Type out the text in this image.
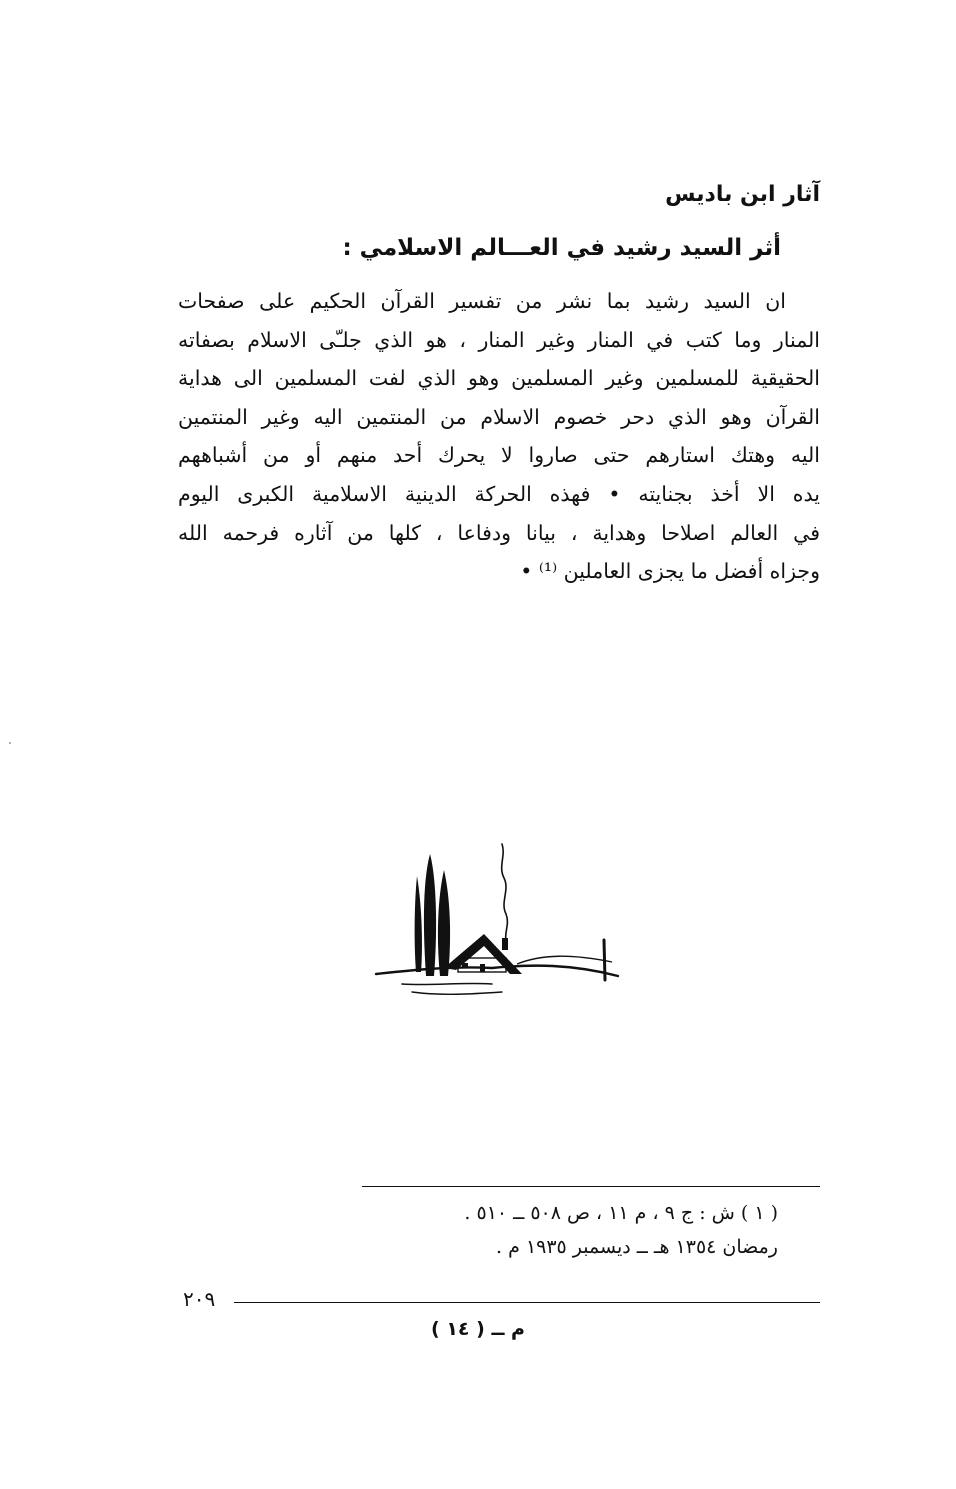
آثار ابن باديس
أثر السيد رشيد في العـــالم الاسلامي :
ان السيد رشيد بما نشر من تفسير القرآن الحكيم على صفحات
المنار وما كتب في المنار وغير المنار ، هو الذي جلـّى الاسلام بصفاته
الحقيقية للمسلمين وغير المسلمين وهو الذي لفت المسلمين الى هداية
القرآن وهو الذي دحر خصوم الاسلام من المنتمين اليه وغير المنتمين
اليه وهتك استارهم حتى صاروا لا يحرك أحد منهم أو من أشباههم
يده الا أخذ بجنايته • فهذه الحركة الدينية الاسلامية الكبرى اليوم
في العالم اصلاحا وهداية ، بيانا ودفاعا ، كلها من آثاره فرحمه الله
وجزاه أفضل ما يجزى العاملين ⁽¹⁾ •
( ١ ) ش : ج ٩ ، م ١١ ، ص ٥٠٨ ــ ٥١٠ .
رمضان ١٣٥٤ هـ ــ ديسمبر ١٩٣٥ م .
٢٠٩
م ــ ( ١٤ )
